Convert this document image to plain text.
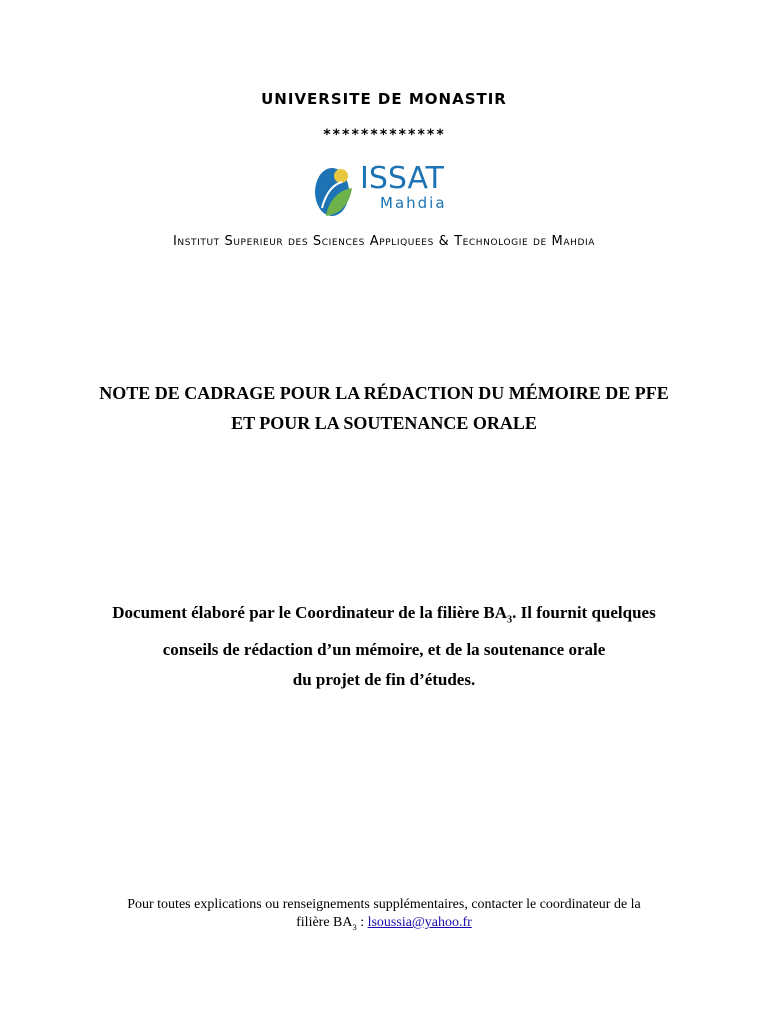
UNIVERSITE DE MONASTIR
*************
ISSAT
Mahdia
Institut Superieur des Sciences Appliquees & Technologie de Mahdia
NOTE DE CADRAGE POUR LA RÉDACTION DU MÉMOIRE DE PFE
ET POUR LA SOUTENANCE ORALE
Document élaboré par le Coordinateur de la filière $BA_3$. Il fournit quelques
conseils de rédaction d’un mémoire, et de la soutenance orale
du projet de fin d’études.
Pour toutes explications ou renseignements supplémentaires, contacter le coordinateur de la
filière $BA_3$ : lsoussia@yahoo.fr
